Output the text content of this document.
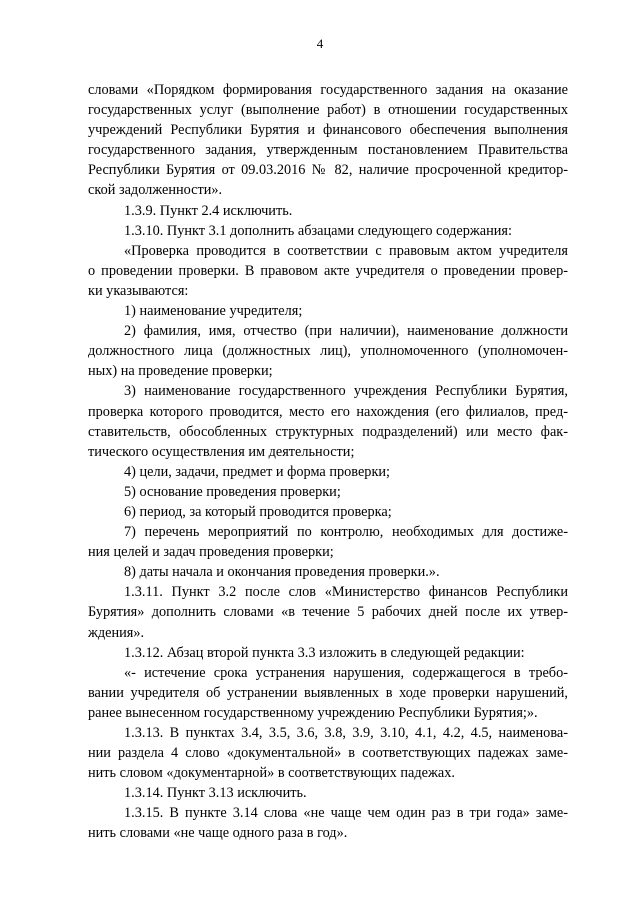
4
словами «Порядком формирования государственного задания на оказание
государственных услуг (выполнение работ) в отношении государственных
учреждений Республики Бурятия и финансового обеспечения выполнения
государственного задания, утвержденным постановлением Правительства
Республики Бурятия от 09.03.2016 № 82, наличие просроченной кредитор-
ской задолженности».
1.3.9. Пункт 2.4 исключить.
1.3.10. Пункт 3.1 дополнить абзацами следующего содержания:
«Проверка проводится в соответствии с правовым актом учредителя
о проведении проверки. В правовом акте учредителя о проведении провер-
ки указываются:
1) наименование учредителя;
2) фамилия, имя, отчество (при наличии), наименование должности
должностного лица (должностных лиц), уполномоченного (уполномочен-
ных) на проведение проверки;
3) наименование государственного учреждения Республики Бурятия,
проверка которого проводится, место его нахождения (его филиалов, пред-
ставительств, обособленных структурных подразделений) или место фак-
тического осуществления им деятельности;
4) цели, задачи, предмет и форма проверки;
5) основание проведения проверки;
6) период, за который проводится проверка;
7) перечень мероприятий по контролю, необходимых для достиже-
ния целей и задач проведения проверки;
8) даты начала и окончания проведения проверки.».
1.3.11. Пункт 3.2 после слов «Министерство финансов Республики
Бурятия» дополнить словами «в течение 5 рабочих дней после их утвер-
ждения».
1.3.12. Абзац второй пункта 3.3 изложить в следующей редакции:
«- истечение срока устранения нарушения, содержащегося в требо-
вании учредителя об устранении выявленных в ходе проверки нарушений,
ранее вынесенном государственному учреждению Республики Бурятия;».
1.3.13. В пунктах 3.4, 3.5, 3.6, 3.8, 3.9, 3.10, 4.1, 4.2, 4.5, наименова-
нии раздела 4 слово «документальной» в соответствующих падежах заме-
нить словом «документарной» в соответствующих падежах.
1.3.14. Пункт 3.13 исключить.
1.3.15. В пункте 3.14 слова «не чаще чем один раз в три года» заме-
нить словами «не чаще одного раза в год».
